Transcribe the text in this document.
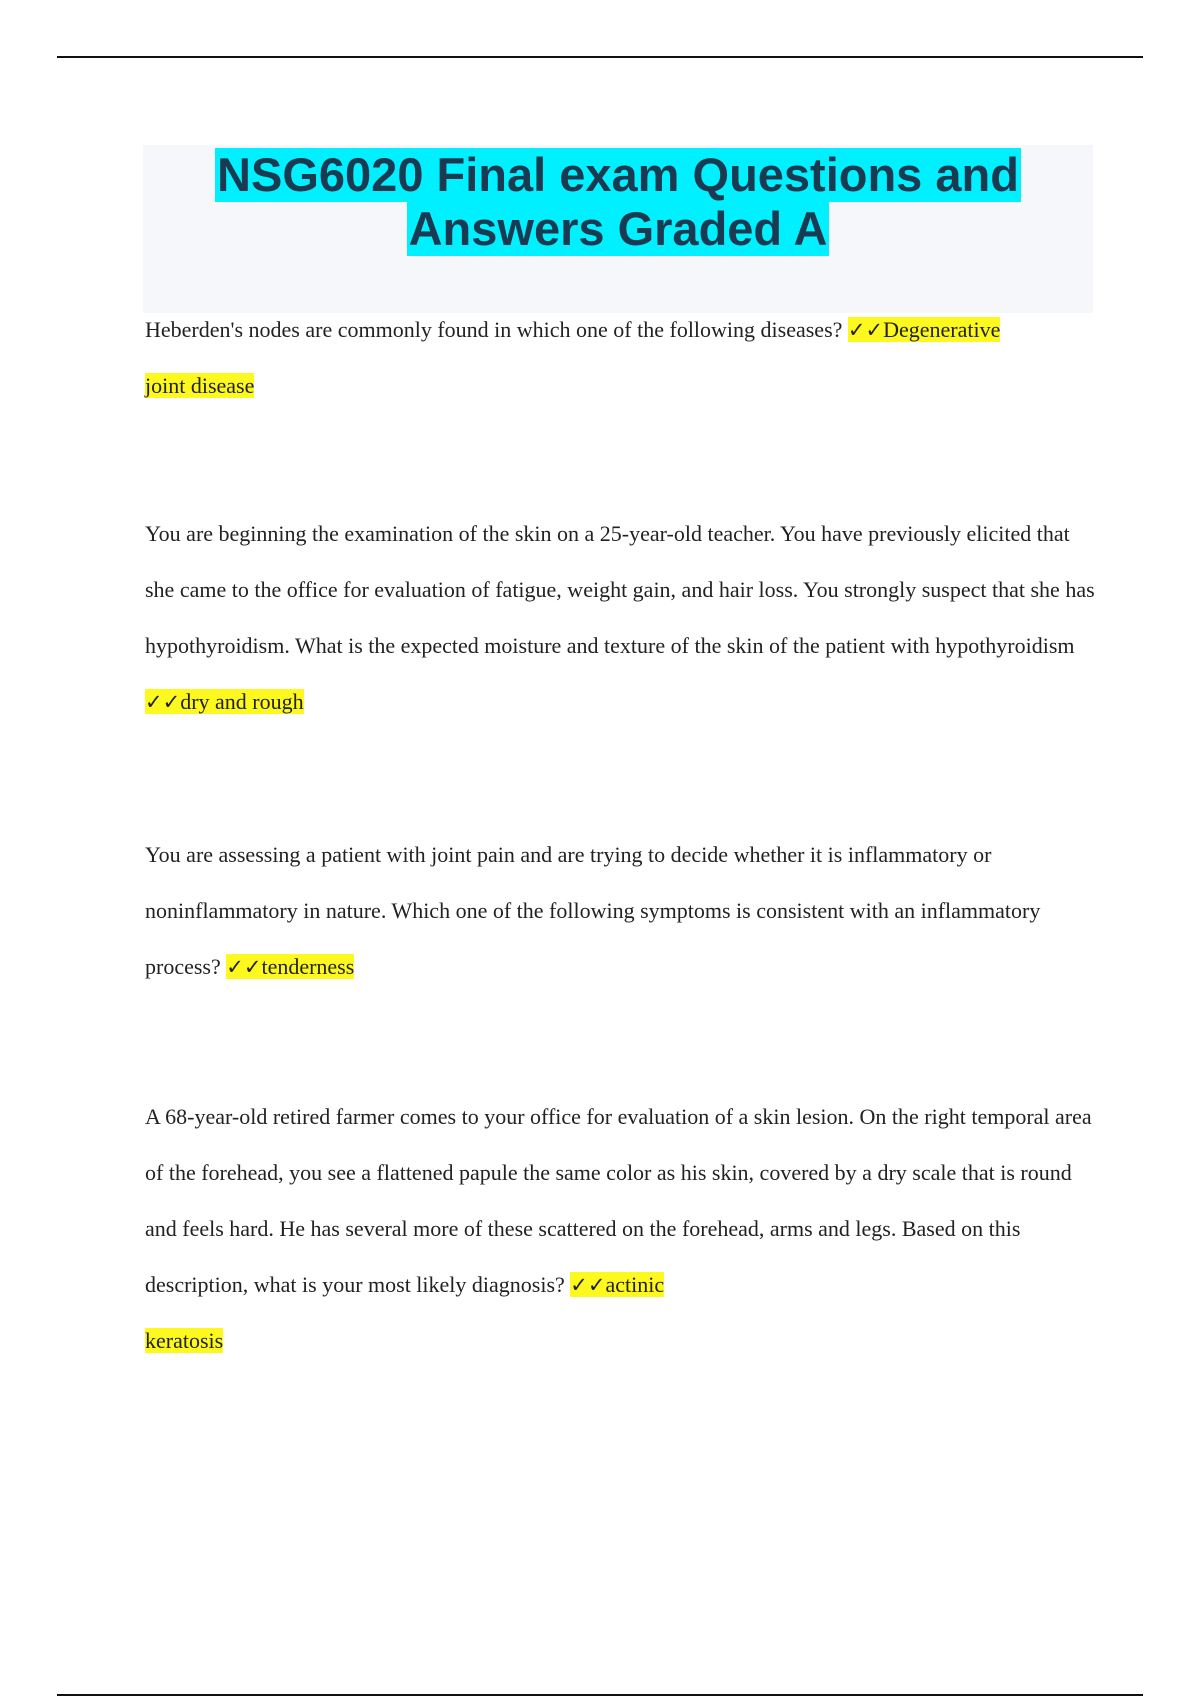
NSG6020 Final exam Questions and
Answers Graded A

Heberden's nodes are commonly found in which one of the following diseases? ✓✓Degenerative
joint disease

You are beginning the examination of the skin on a 25-year-old teacher. You have previously elicited that she came to the office for evaluation of fatigue, weight gain, and hair loss. You strongly suspect that she has hypothyroidism. What is the expected moisture and texture of the skin of the patient with hypothyroidism ✓✓dry and rough

You are assessing a patient with joint pain and are trying to decide whether it is inflammatory or noninflammatory in nature. Which one of the following symptoms is consistent with an inflammatory process? ✓✓tenderness

A 68-year-old retired farmer comes to your office for evaluation of a skin lesion. On the right temporal area of the forehead, you see a flattened papule the same color as his skin, covered by a dry scale that is round and feels hard. He has several more of these scattered on the forehead, arms and legs. Based on this description, what is your most likely diagnosis? ✓✓actinic
keratosis
